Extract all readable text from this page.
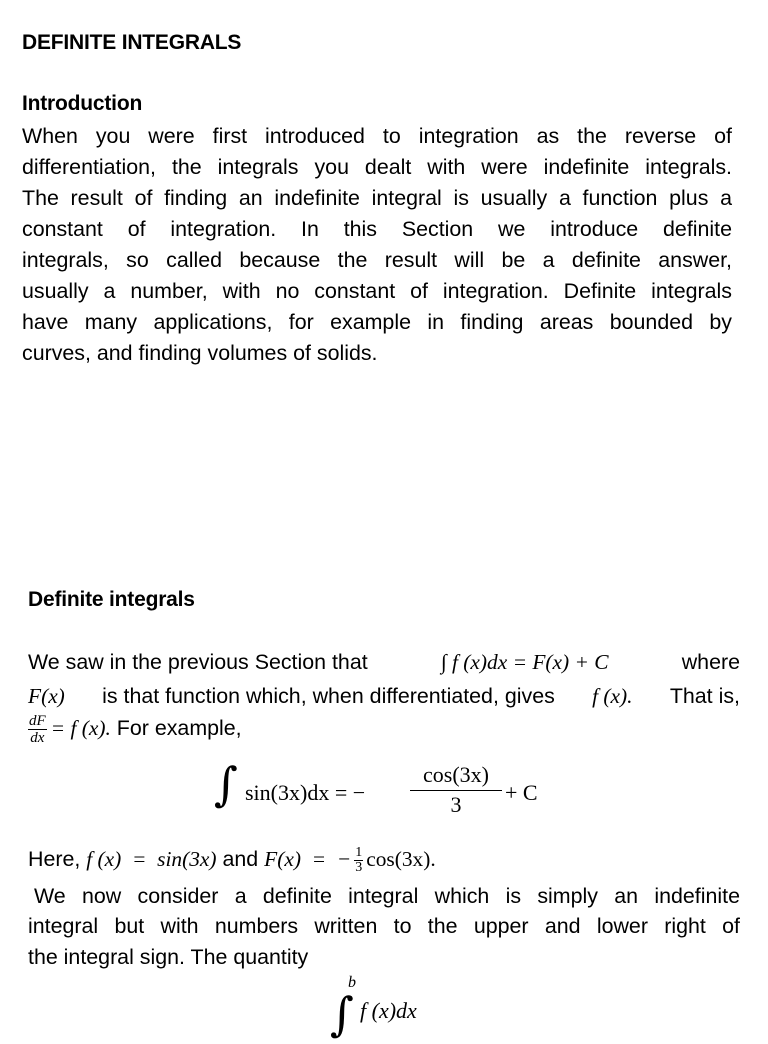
DEFINITE INTEGRALS
Introduction
When you were first introduced to integration as the reverse of
differentiation, the integrals you dealt with were indefinite integrals.
The result of finding an indefinite integral is usually a function plus a
constant of integration. In this Section we introduce definite
integrals, so called because the result will be a definite answer,
usually a number, with no constant of integration. Definite integrals
have many applications, for example in finding areas bounded by
curves, and finding volumes of solids.
Definite integrals
We saw in the previous Section that	∫ f (x)dx = F(x) + C	where
F(x) is that function which, when differentiated, gives f (x). That is,
$\frac{dF}{dx} = f$ (x). For example,
∫ sin(3x)dx = − $\frac{\cos(3x)}{3} + C$
Here, f (x)  =  sin(3x) and F(x)  =  − $\frac{1}{3} \cos(3x)$.
We now consider a definite integral which is simply an indefinite
integral but with numbers written to the upper and lower right of
the integral sign. The quantity
∫
b
f (x)dx
